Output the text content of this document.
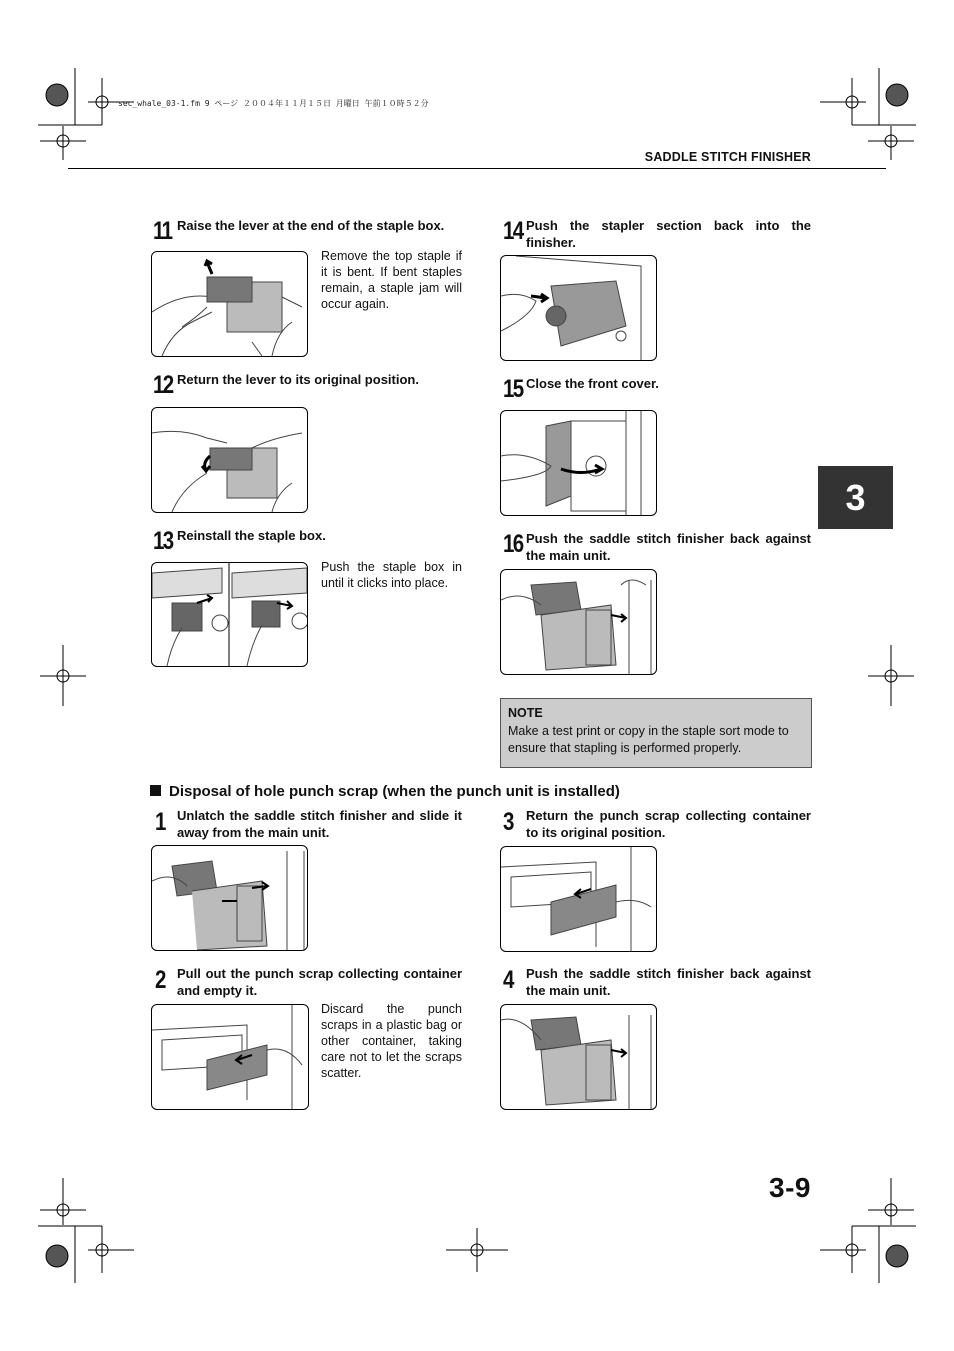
sec_whale_03-1.fm 9 ページ ２００４年１１月１５日 月曜日 午前１０時５２分
SADDLE STITCH FINISHER
3
11 Raise the lever at the end of the staple box.
Remove the top staple if it is bent. If bent staples remain, a staple jam will occur again.
12 Return the lever to its original position.
13 Reinstall the staple box.
Push the staple box in until it clicks into place.
14 Push the stapler section back into the finisher.
15 Close the front cover.
16 Push the saddle stitch finisher back against the main unit.
NOTE
Make a test print or copy in the staple sort mode to ensure that stapling is performed properly.
Disposal of hole punch scrap (when the punch unit is installed)
1 Unlatch the saddle stitch finisher and slide it away from the main unit.
2 Pull out the punch scrap collecting container and empty it.
Discard the punch scraps in a plastic bag or other container, taking care not to let the scraps scatter.
3 Return the punch scrap collecting container to its original position.
4 Push the saddle stitch finisher back against the main unit.
3-9
